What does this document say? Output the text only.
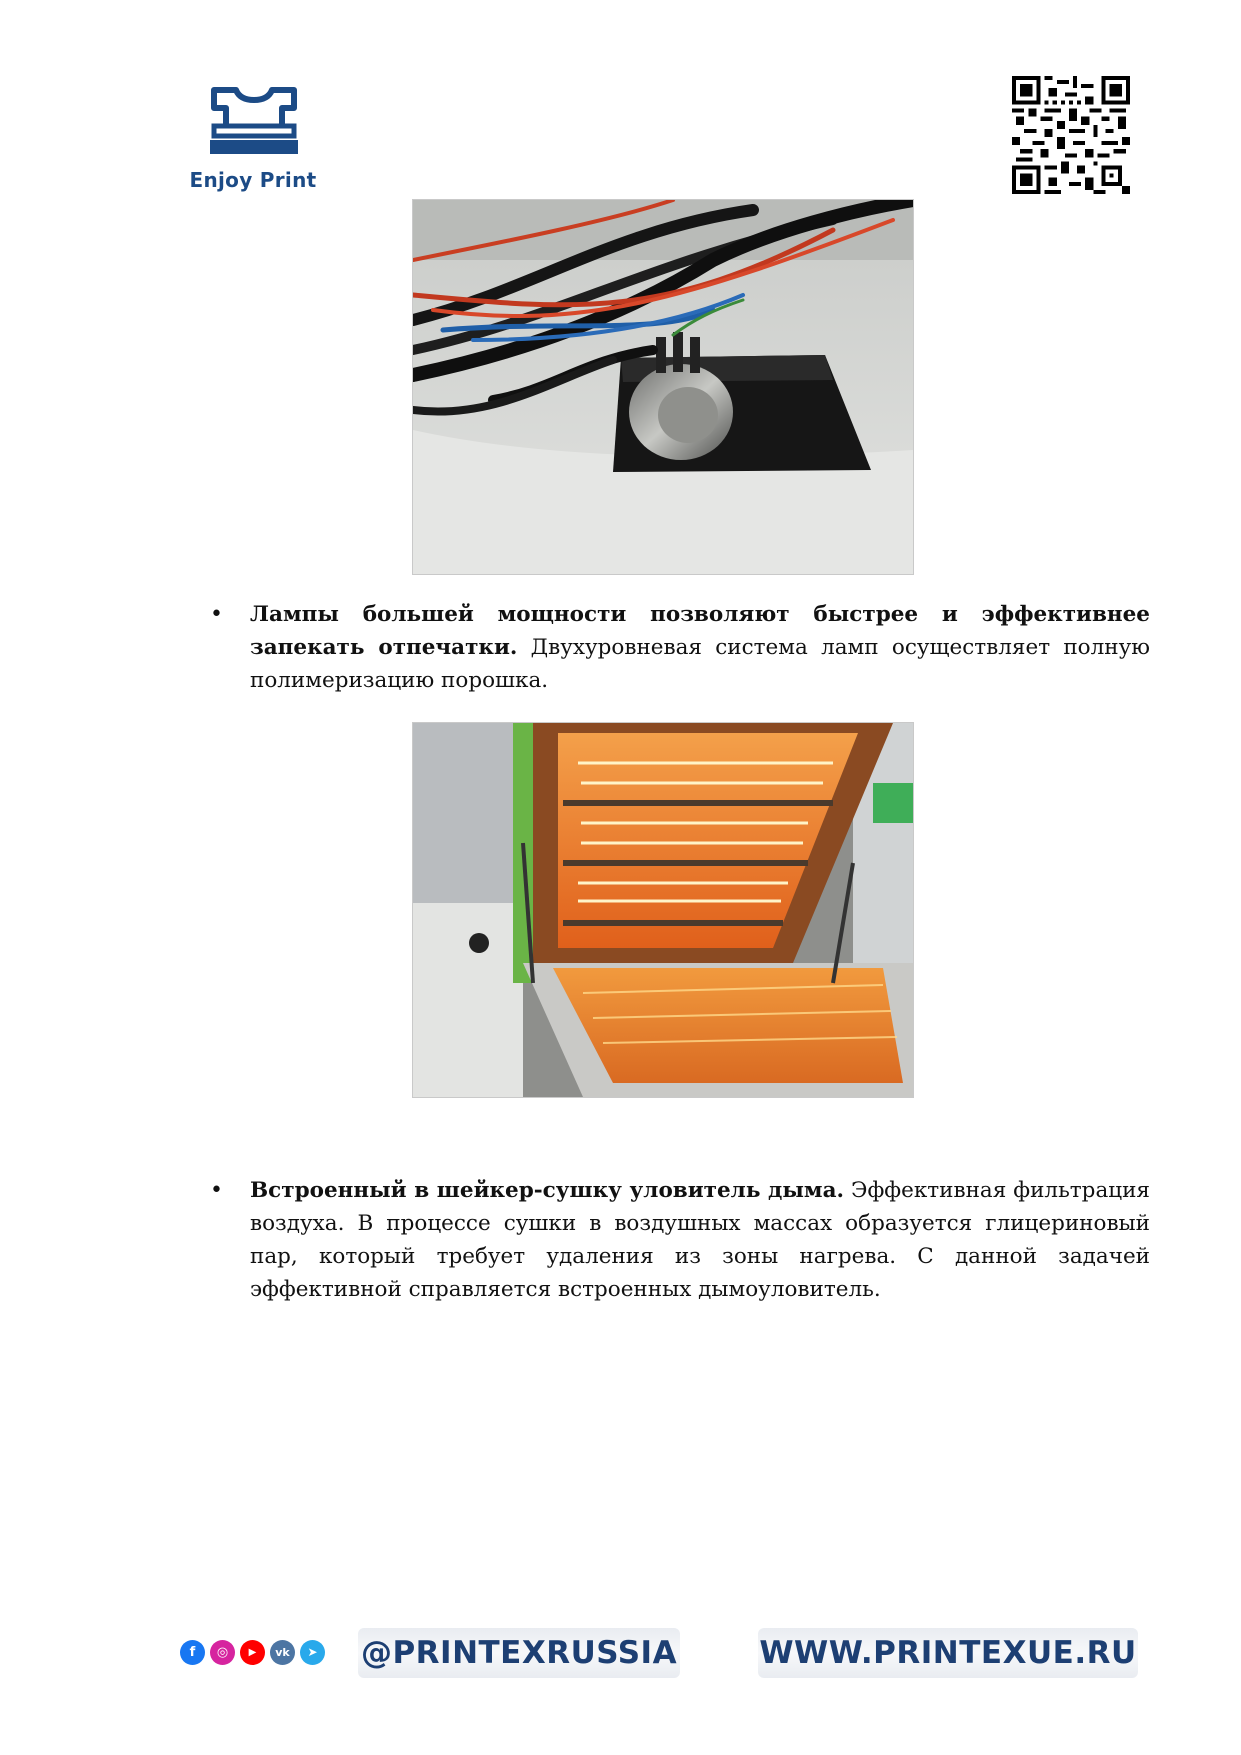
Enjoy Print
•	Лампы большей мощности позволяют быстрее и эффективнее запекать отпечатки. Двухуровневая система ламп осуществляет полную полимеризацию порошка.
•	Встроенный в шейкер-сушку уловитель дыма. Эффективная фильтрация воздуха. В процессе сушки в воздушных массах образуется глицериновый пар, который требует удаления из зоны нагрева. С данной задачей эффективной справляется встроенных дымоуловитель.
f	◎	▶	vk	➤ @PRINTEXRUSSIA	WWW.PRINTEXUE.RU
